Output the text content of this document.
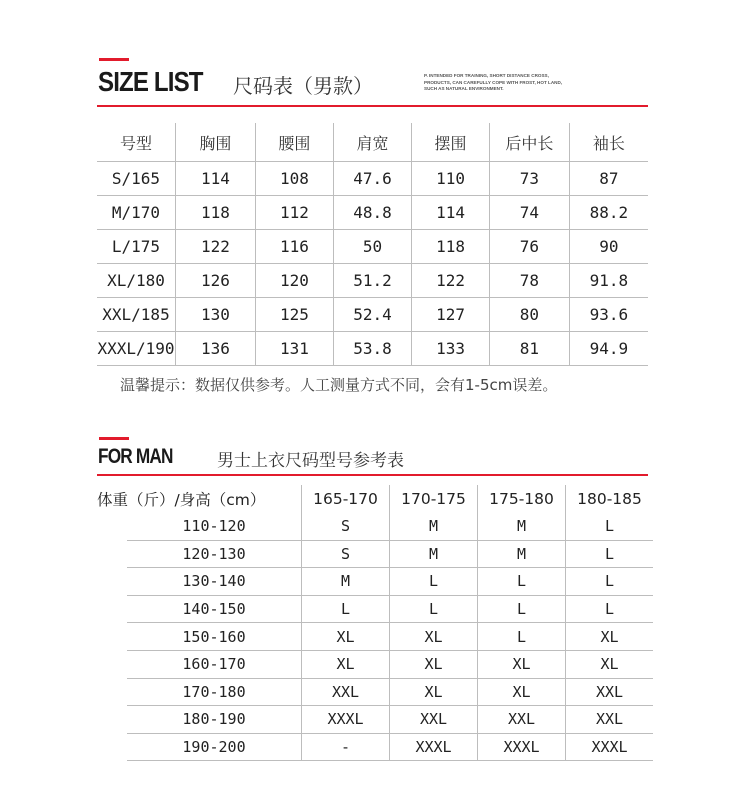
SIZE LIST 尺码表（男款）	P. INTENDED FOR TRAINING, SHORT DISTANCE CROSS, PRODUCTS, CAN CAREFULLY COPE WITH FROST, HOT LAND, SUCH AS NATURAL ENVIRONMENT.
号型	胸围	腰围	肩宽	摆围	后中长	袖长
S/165	114	108	47.6	110	73	87
M/170	118	112	48.8	114	74	88.2
L/175	122	116	50	118	76	90
XL/180	126	120	51.2	122	78	91.8
XXL/185	130	125	52.4	127	80	93.6
XXXL/190	136	131	53.8	133	81	94.9
温馨提示：数据仅供参考。人工测量方式不同，会有1-5cm误差。
FOR MAN	男士上衣尺码型号参考表
体重（斤）/身高（cm）		165-170	170-175	175-180	180-185
	110-120	S	M	M	L
	120-130	S	M	M	L
	130-140	M	L	L	L
	140-150	L	L	L	L
	150-160	XL	XL	L	XL
	160-170	XL	XL	XL	XL
	170-180	XXL	XL	XL	XXL
	180-190	XXXL	XXL	XXL	XXL
	190-200	-	XXXL	XXXL	XXXL
